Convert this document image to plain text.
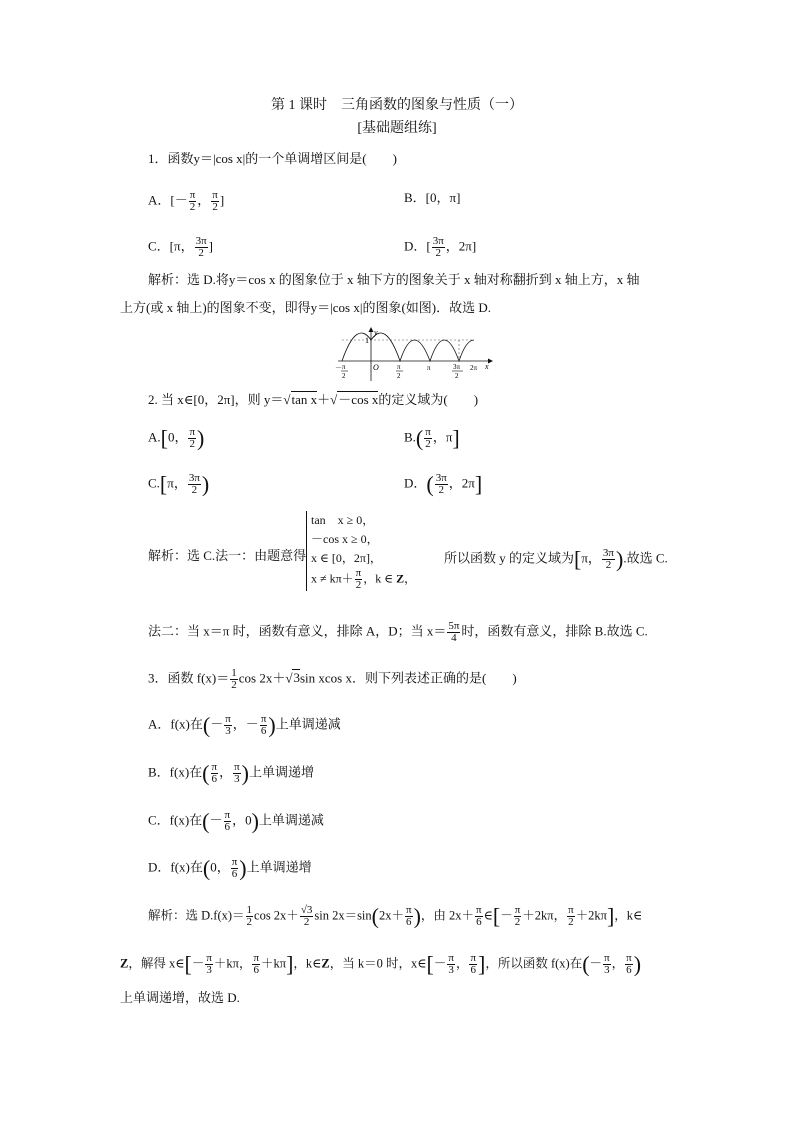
第 1 课时　三角函数的图象与性质（一）
[基础题组练]
1．函数y＝|cos x|的一个单调增区间是(　　)
A．[－ $\frac{\pi}{2}$ ， $\frac{\pi}{2}$ ]	B．[0，π]
C．[π， $\frac{3\pi}{2}$ ]	D．[ $\frac{3\pi}{2}$ ，2π]
解析：选 D.将y＝cos x 的图象位于 x 轴下方的图象关于 x 轴对称翻折到 x 轴上方，x 轴
上方(或 x 轴上)的图象不变，即得y＝|cos x|的图象(如图)．故选 D.
y
1
O	x
－ π
2
π
2
π	3π
2
2π
2. 当 x∈[0，2π]，则 y＝√tan x＋√－cos x的定义域为(　　)
A.[0， $\frac{\pi}{2}$ )	$B.( \frac{\pi}{2}$ ，π]
C.[π， $\frac{3\pi}{2}$ )	D．( $\frac{3\pi}{2}$ ，2π]
解析：选 C.法一：由题意得
tan　x ≥ 0，
－cos x ≥ 0，
x ∈ [0，2π]，
$x \ne k\pi+ \frac{\pi}{2}$ ，k ∈ Z，
所以函数 y 的定义域为[π， $\frac{3\pi}{2}$ ).故选 C.
法二：当 x＝π 时，函数有意义，排除 A，D；当 $x= \frac{5\pi}{4}$ 时，函数有意义，排除 B.故选 C.
3．函数 $f(x)= \frac{1}{2}$ cos 2x＋√3sin xcos x．则下列表述正确的是(　　)
A．f(x)在(－ $\frac{\pi}{3}$ ，－ $\frac{\pi}{6}$ )上单调递减
B．f(x)在( $\frac{\pi}{6}$ ， $\frac{\pi}{3}$ )上单调递增
C．f(x)在(－ $\frac{\pi}{6}$ ，0)上单调递减
D．f(x)在(0， $\frac{\pi}{6}$ )上单调递增
解析：选 $D.f(x)= \frac{1}{2}$ $\cos 2x+ \frac{√3}{2}$ $\sin 2x=\sin(2x+ \frac{\pi}{6}$ )，由 $2x+ \frac{\pi}{6}$ ∈[－ $\frac{\pi}{2} +2k\pi$， $\frac{\pi}{2} +2k\pi$]，k∈
Z，解得 x∈[－ $\frac{\pi}{3} +k\pi$， $\frac{\pi}{6} +k\pi$]，k∈Z，当 k＝0 时，x∈[－ $\frac{\pi}{3}$ ， $\frac{\pi}{6}$ ]，所以函数 f(x)在(－ $\frac{\pi}{3}$ ， $\frac{\pi}{6}$ )
上单调递增，故选 D.
